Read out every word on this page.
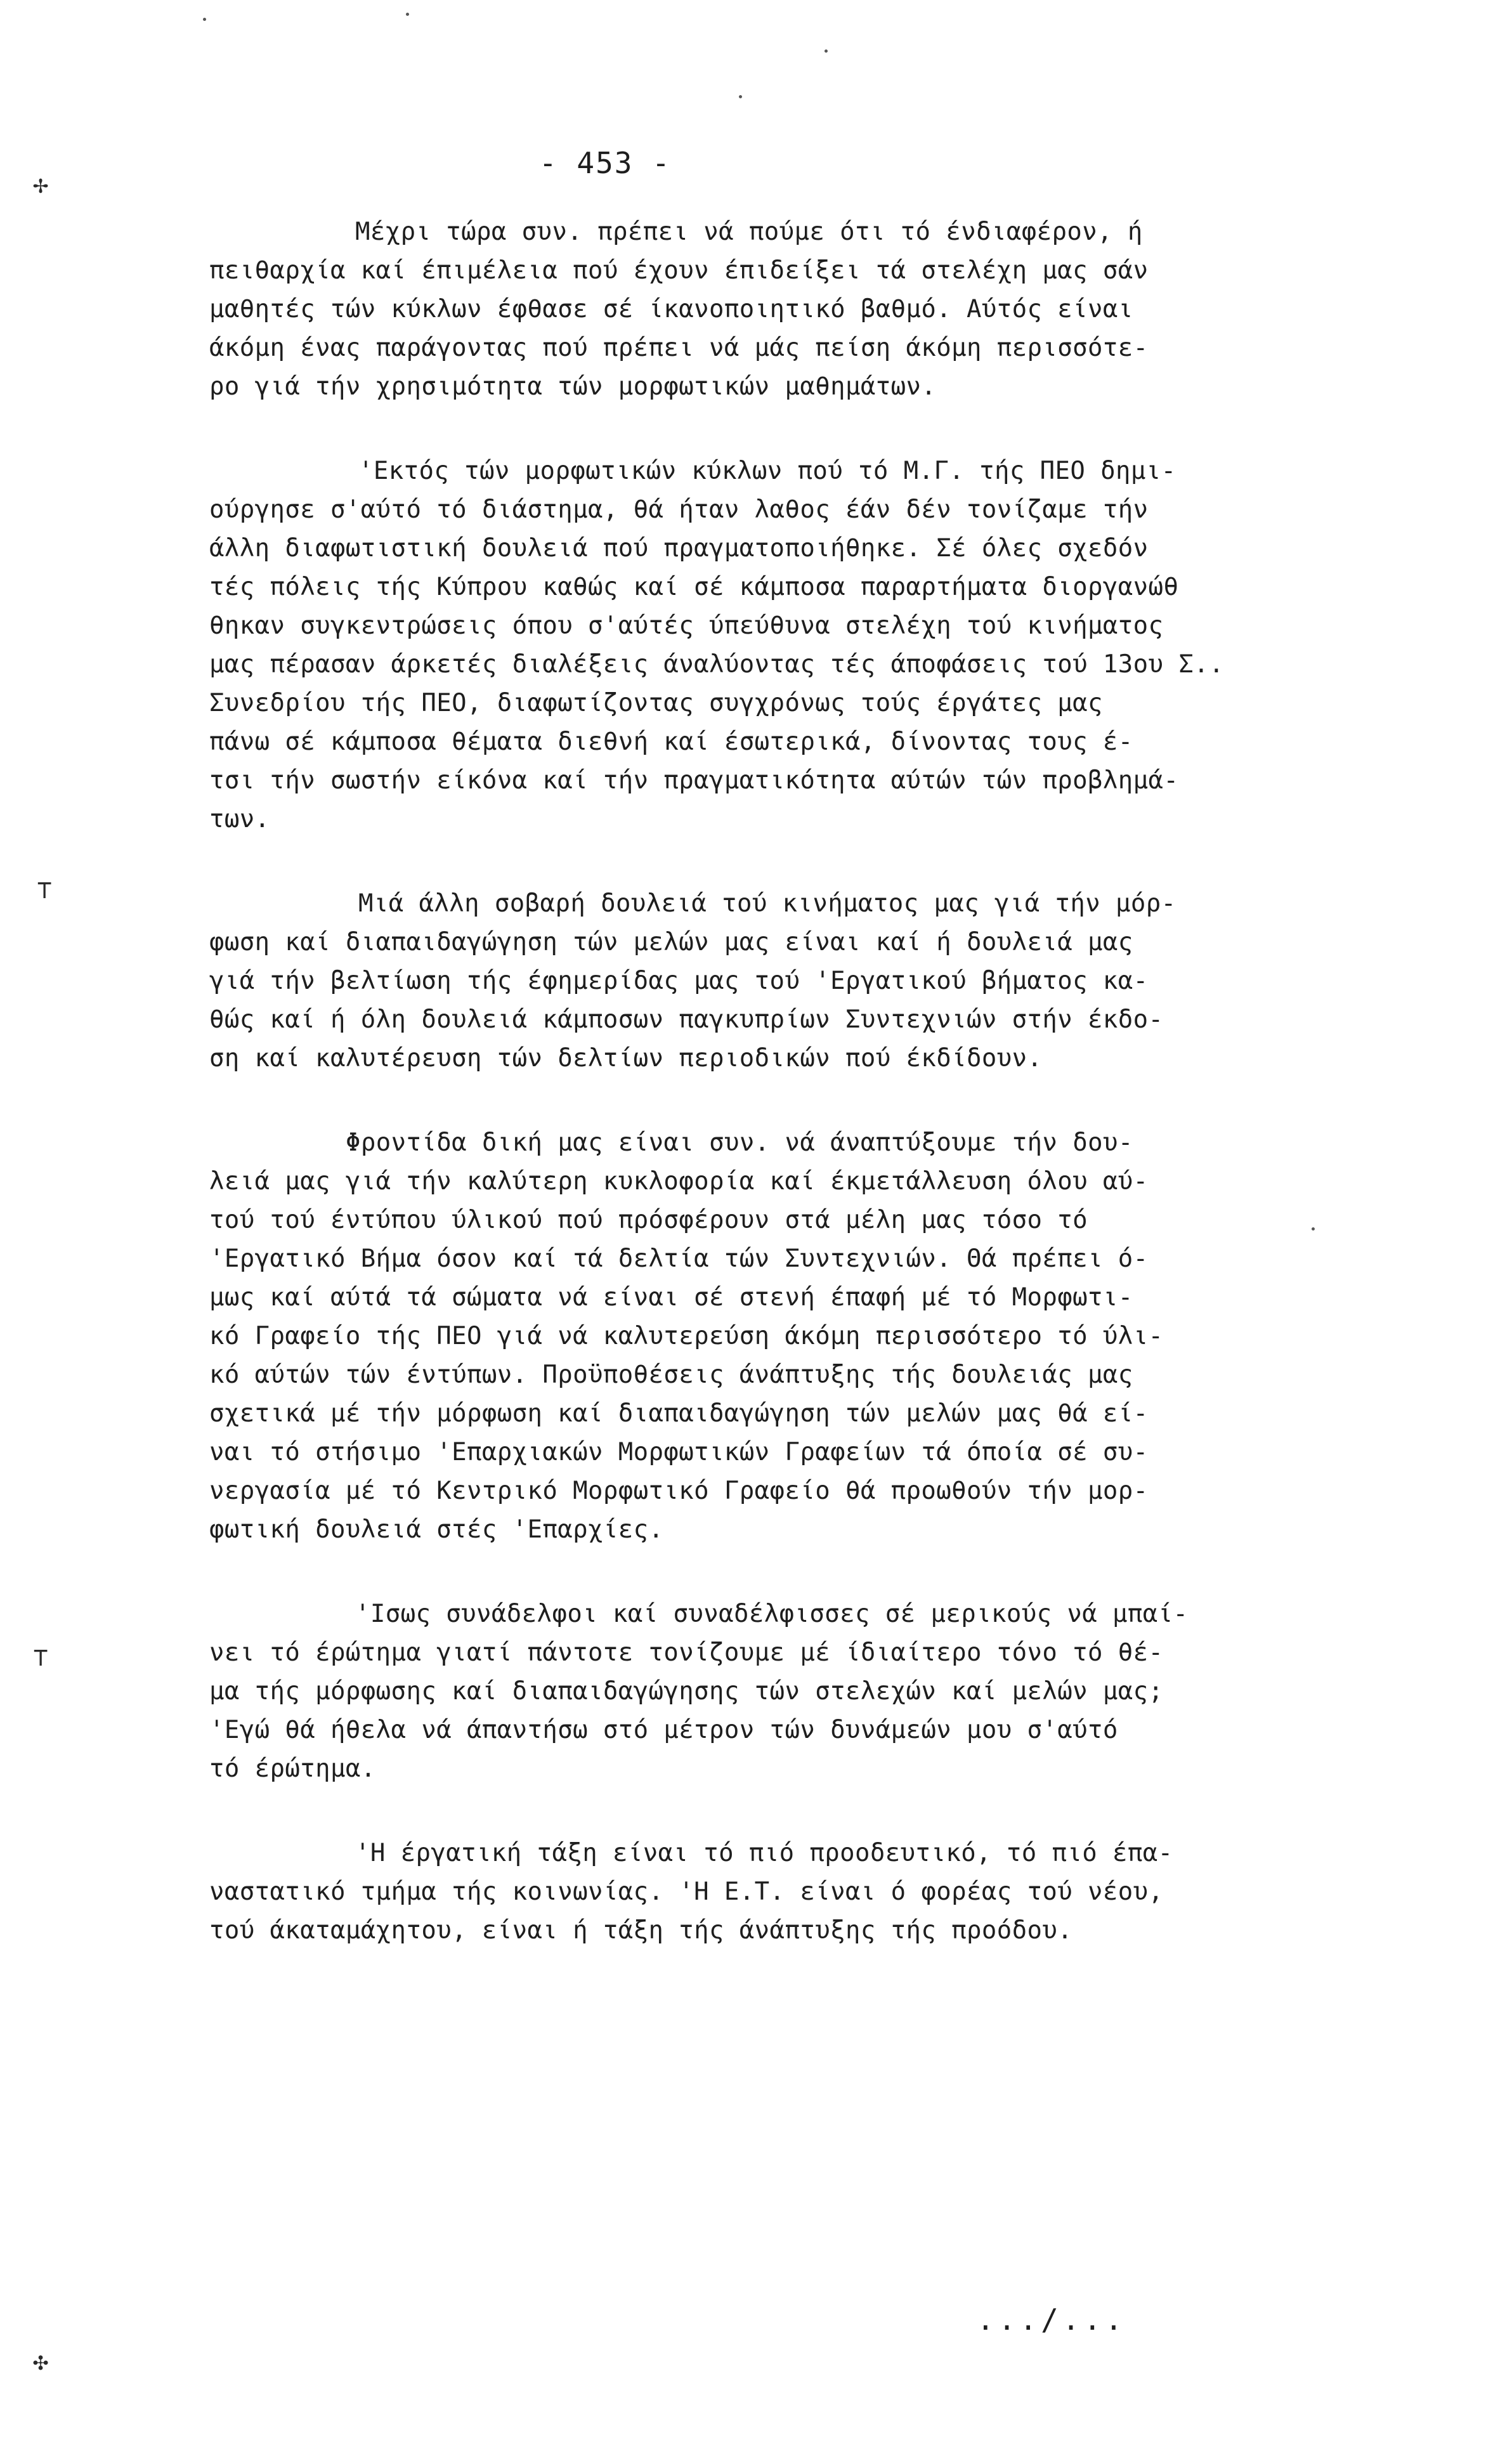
- 453 -
Μέχρι τώρα συν. πρέπει νά πούμε ότι τό ένδιαφέρον, ή
πειθαρχία καί έπιμέλεια πού έχουν έπιδείξει τά στελέχη μας σάν
μαθητές τών κύκλων έφθασε σέ ίκανοποιητικό βαθμό. Αύτός είναι
άκόμη ένας παράγοντας πού πρέπει νά μάς πείση άκόμη περισσότε-
ρο γιά τήν χρησιμότητα τών μορφωτικών μαθημάτων.
'Εκτός τών μορφωτικών κύκλων πού τό Μ.Γ. τής ΠΕΟ δημι-
ούργησε σ'αύτό τό διάστημα, θά ήταν λαθος έάν δέν τονίζαμε τήν
άλλη διαφωτιστική δουλειά πού πραγματοποιήθηκε. Σέ όλες σχεδόν
τές πόλεις τής Κύπρου καθώς καί σέ κάμποσα παραρτήματα διοργανώθ
θηκαν συγκεντρώσεις όπου σ'αύτές ύπεύθυνα στελέχη τού κινήματος
μας πέρασαν άρκετές διαλέξεις άναλύοντας τές άποφάσεις τού 13ου Σ..
Συνεδρίου τής ΠΕΟ, διαφωτίζοντας συγχρόνως τούς έργάτες μας
πάνω σέ κάμποσα θέματα διεθνή καί έσωτερικά, δίνοντας τους έ-
τσι τήν σωστήν είκόνα καί τήν πραγματικότητα αύτών τών προβλημά-
των.
Μιά άλλη σοβαρή δουλειά τού κινήματος μας γιά τήν μόρ-
φωση καί διαπαιδαγώγηση τών μελών μας είναι καί ή δουλειά μας
γιά τήν βελτίωση τής έφημερίδας μας τού 'Εργατικού βήματος κα-
θώς καί ή όλη δουλειά κάμποσων παγκυπρίων Συντεχνιών στήν έκδο-
ση καί καλυτέρευση τών δελτίων περιοδικών πού έκδίδουν.
Φροντίδα δική μας είναι συν. νά άναπτύξουμε τήν δου-
λειά μας γιά τήν καλύτερη κυκλοφορία καί έκμετάλλευση όλου αύ-
τού τού έντύπου ύλικού πού πρόσφέρουν στά μέλη μας τόσο τό
'Εργατικό Βήμα όσον καί τά δελτία τών Συντεχνιών. Θά πρέπει ό-
μως καί αύτά τά σώματα νά είναι σέ στενή έπαφή μέ τό Μορφωτι-
κό Γραφείο τής ΠΕΟ γιά νά καλυτερεύση άκόμη περισσότερο τό ύλι-
κό αύτών τών έντύπων. Προϋποθέσεις άνάπτυξης τής δουλειάς μας
σχετικά μέ τήν μόρφωση καί διαπαιδαγώγηση τών μελών μας θά εί-
ναι τό στήσιμο 'Επαρχιακών Μορφωτικών Γραφείων τά όποία σέ συ-
νεργασία μέ τό Κεντρικό Μορφωτικό Γραφείο θά προωθούν τήν μορ-
φωτική δουλειά στές 'Επαρχίες.
'Ισως συνάδελφοι καί συναδέλφισσες σέ μερικούς νά μπαί-
νει τό έρώτημα γιατί πάντοτε τονίζουμε μέ ίδιαίτερο τόνο τό θέ-
μα τής μόρφωσης καί διαπαιδαγώγησης τών στελεχών καί μελών μας;
'Εγώ θά ήθελα νά άπαντήσω στό μέτρον τών δυνάμεών μου σ'αύτό
τό έρώτημα.
'Η έργατική τάξη είναι τό πιό προοδευτικό, τό πιό έπα-
ναστατικό τμήμα τής κοινωνίας. 'Η Ε.Τ. είναι ό φορέας τού νέου,
τού άκαταμάχητου, είναι ή τάξη τής άνάπτυξης τής προόδου.
.../...
✢
⊤
⊤
✣
